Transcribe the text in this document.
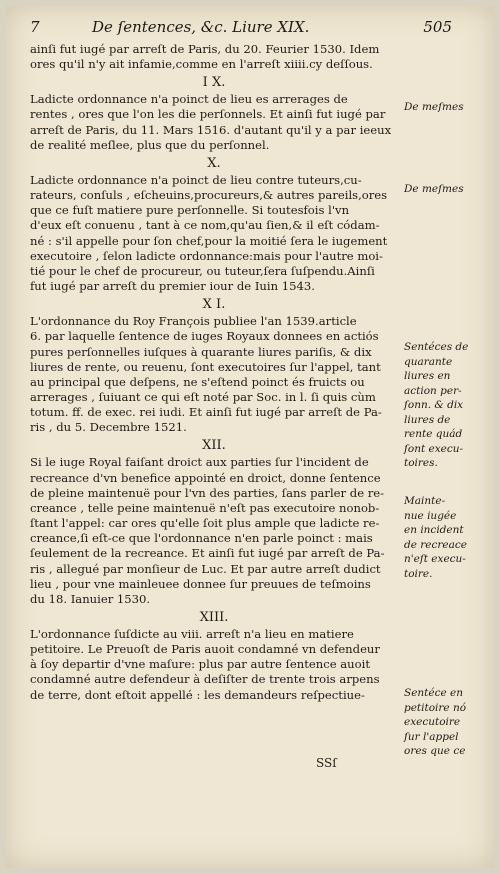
7	De ſentences, &c. Liure XIX.	505
ainſi fut iugé par arreſt de Paris, du 20. Feurier 1530. Idem
ores qu'il n'y ait infamie,comme en l'arreſt xiiii.cy deſſous.
I X.
Ladicte ordonnance n'a poinct de lieu es arrerages de
rentes , ores que l'on les die perſonnels. Et ainſi fut iugé par
arreſt de Paris, du 11. Mars 1516. d'autant qu'il y a par ieeux
de realité meſlee, plus que du perſonnel.
X.
Ladicte ordonnance n'a poinct de lieu contre tuteurs,cu-
rateurs, conſuls , eſcheuins,procureurs,& autres pareils,ores
que ce fuſt matiere pure perſonnelle. Si toutesfois l'vn
d'eux eſt conuenu , tant à ce nom,qu'au ſien,& il eſt códam-
né : s'il appelle pour ſon chef,pour la moitié ſera le iugement
executoire , ſelon ladicte ordonnance:mais pour l'autre moi-
tié pour le chef de procureur, ou tuteur,ſera ſuſpendu.Ainſi
fut iugé par arreſt du premier iour de Iuin 1543.
X I.
L'ordonnance du Roy François publiee l'an 1539.article
6. par laquelle ſentence de iuges Royaux donnees en actiós
pures perſonnelles iuſques à quarante liures pariſis, & dix
liures de rente, ou reuenu, ſont executoires ſur l'appel, tant
au principal que deſpens, ne s'eſtend poinct és fruicts ou
arrerages , ſuiuant ce qui eſt noté par Soc. in l. ſi quis cùm
totum. ff. de exec. rei iudi. Et ainſi fut iugé par arreſt de Pa-
ris , du 5. Decembre 1521.
XII.
Si le iuge Royal faiſant droict aux parties ſur l'incident de
recreance d'vn benefice appointé en droict, donne ſentence
de pleine maintenuë pour l'vn des parties, ſans parler de re-
creance , telle peine maintenuë n'eſt pas executoire nonob-
ſtant l'appel: car ores qu'elle ſoit plus ample que ladicte re-
creance,ſi eſt-ce que l'ordonnance n'en parle poinct : mais
ſeulement de la recreance. Et ainſi fut iugé par arreſt de Pa-
ris , allegué par monſieur de Luc. Et par autre arreſt dudict
lieu , pour vne mainleuee donnee ſur preuues de teſmoins
du 18. Ianuier 1530.
XIII.
L'ordonnance ſuſdicte au viii. arreſt n'a lieu en matiere
petitoire. Le Preuoſt de Paris auoit condamné vn defendeur
à ſoy departir d'vne maſure: plus par autre ſentence auoit
condamné autre defendeur à deſiſter de trente trois arpens
de terre, dont eſtoit appellé : les demandeurs reſpectiue-
De meſmes
De meſmes
Sentéces de
quarante
liures en
action per-
ſonn. & dix
liures de
rente quád
ſont execu-
toires.
Mainte-
nue iugée
en incident
de recreace
n'eſt execu-
toire.
Sentéce en
petitoire nó
executoire
ſur l'appel
ores que ce
SSſ
